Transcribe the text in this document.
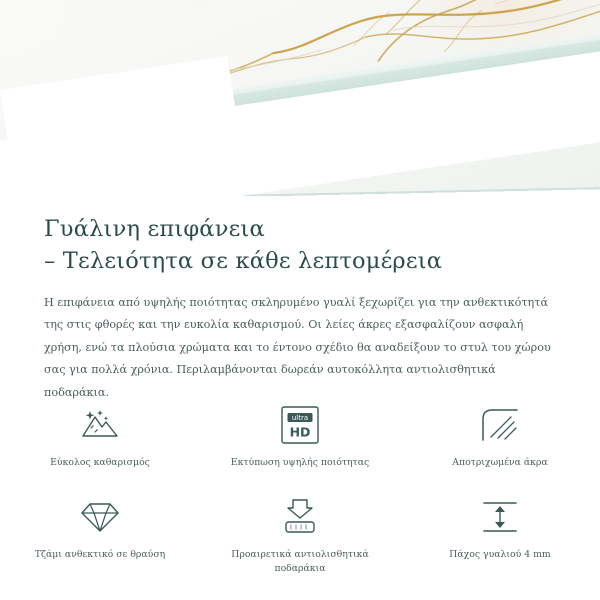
Γυάλινη επιφάνεια
– Τελειότητα σε κάθε λεπτομέρεια

Η επιφάνεια από υψηλής ποιότητας σκληρυμένο γυαλί ξεχωρίζει για την ανθεκτικότητά της στις φθορές και την ευκολία καθαρισμού. Οι λείες άκρες εξασφαλίζουν ασφαλή χρήση, ενώ τα πλούσια χρώματα και το έντονο σχέδιο θα αναδείξουν το στυλ του χώρου σας για πολλά χρόνια. Περιλαμβάνονται δωρεάν αυτοκόλλητα αντιολισθητικά ποδαράκια.

Εύκολος καθαρισμός
ultra
HD
Εκτύπωση υψηλής ποιότητας	Αποτριχωμένα άκρα
Τζάμι ανθεκτικό σε θραύση	Προαιρετικά αντιολισθητικά ποδαράκια
Πάχος γυαλιού 4 mm
